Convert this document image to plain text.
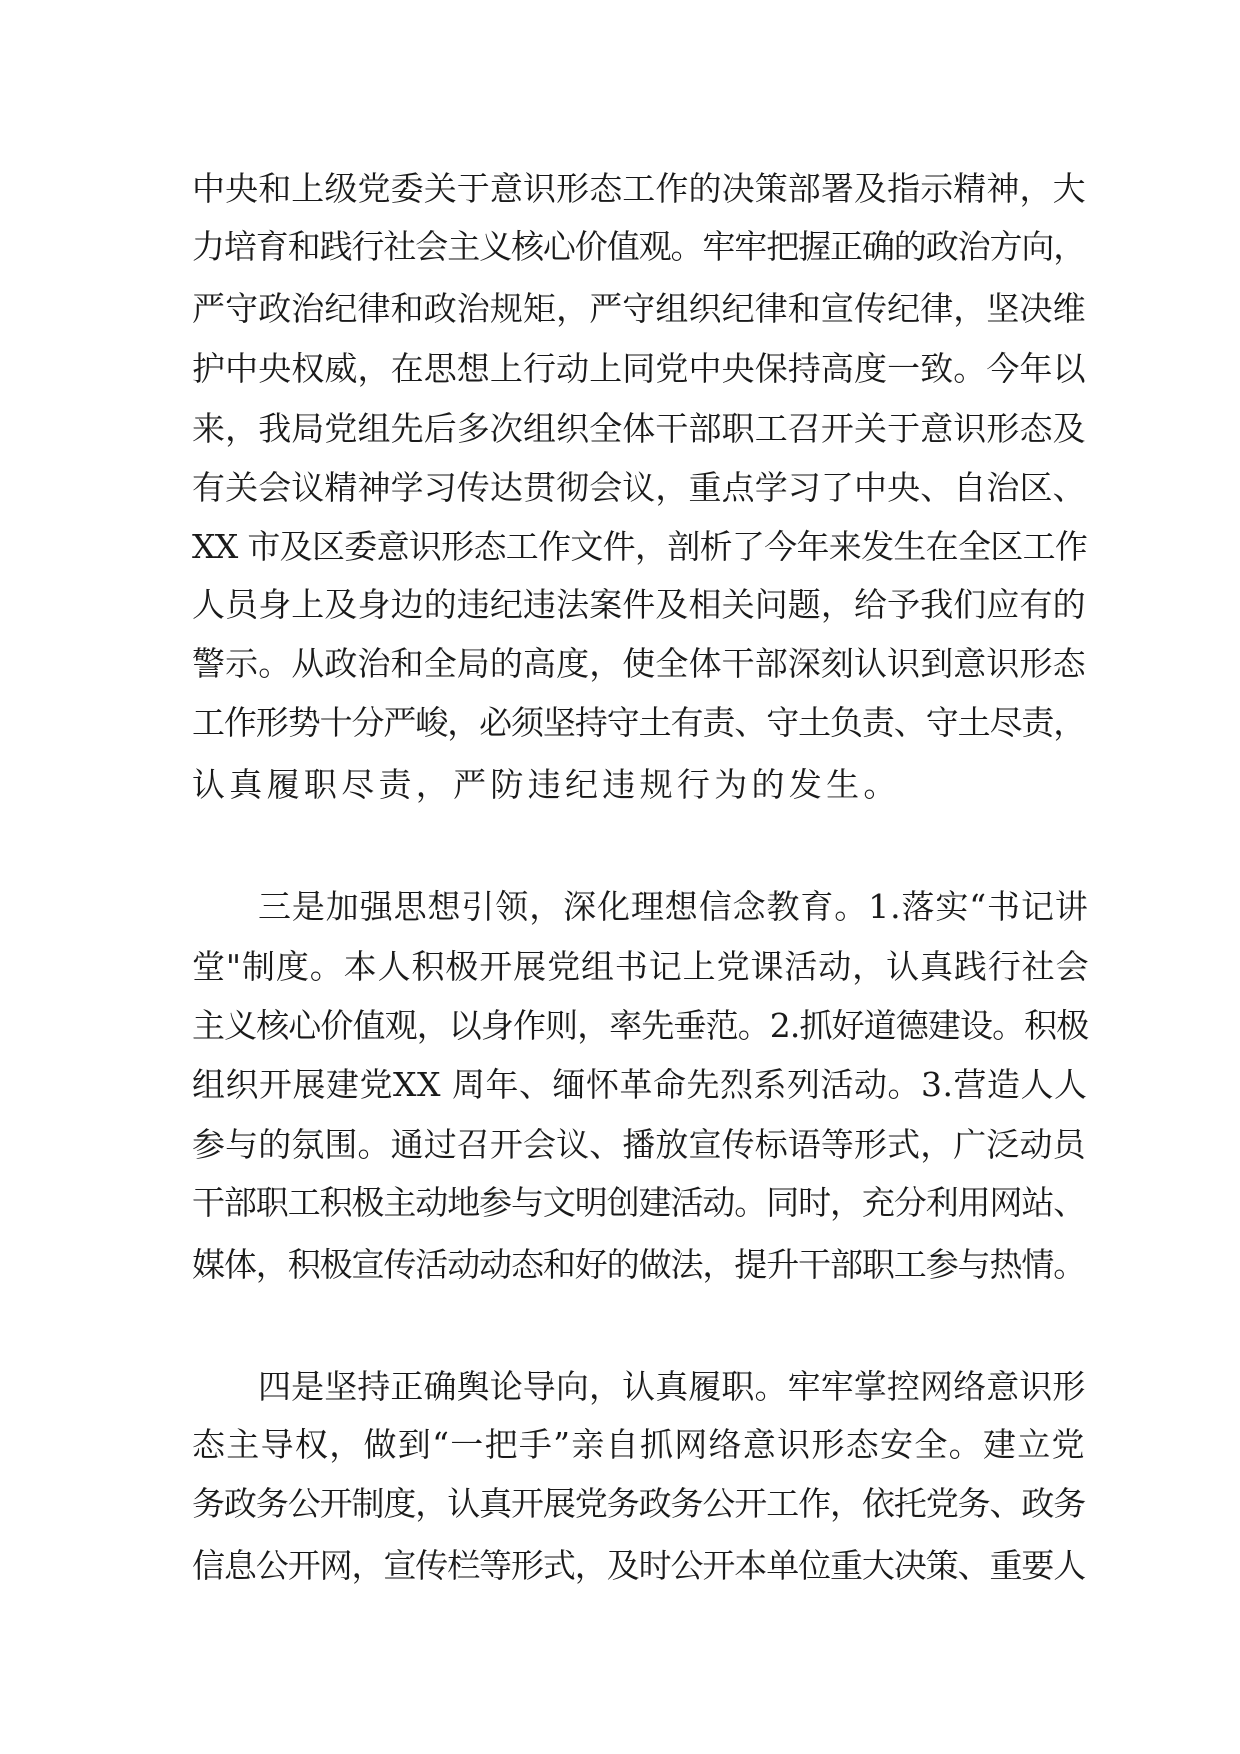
中央和上级党委关于意识形态工作的决策部署及指示精神，大
力培育和践行社会主义核心价值观。牢牢把握正确的政治方向，
严守政治纪律和政治规矩，严守组织纪律和宣传纪律，坚决维
护中央权威，在思想上行动上同党中央保持高度一致。今年以
来，我局党组先后多次组织全体干部职工召开关于意识形态及
有关会议精神学习传达贯彻会议，重点学习了中央、自治区、
XX 市及区委意识形态工作文件，剖析了今年来发生在全区工作
人员身上及身边的违纪违法案件及相关问题，给予我们应有的
警示。从政治和全局的高度，使全体干部深刻认识到意识形态
工作形势十分严峻，必须坚持守土有责、守土负责、守土尽责，
认真履职尽责，严防违纪违规行为的发生。
三是加强思想引领，深化理想信念教育。1.落实“书记讲
堂"制度。本人积极开展党组书记上党课活动，认真践行社会
主义核心价值观，以身作则，率先垂范。2.抓好道德建设。积极
组织开展建党XX 周年、缅怀革命先烈系列活动。3.营造人人
参与的氛围。通过召开会议、播放宣传标语等形式，广泛动员
干部职工积极主动地参与文明创建活动。同时，充分利用网站、
媒体，积极宣传活动动态和好的做法，提升干部职工参与热情。
四是坚持正确舆论导向，认真履职。牢牢掌控网络意识形
态主导权，做到“一把手”亲自抓网络意识形态安全。建立党
务政务公开制度，认真开展党务政务公开工作，依托党务、政务
信息公开网，宣传栏等形式，及时公开本单位重大决策、重要人
